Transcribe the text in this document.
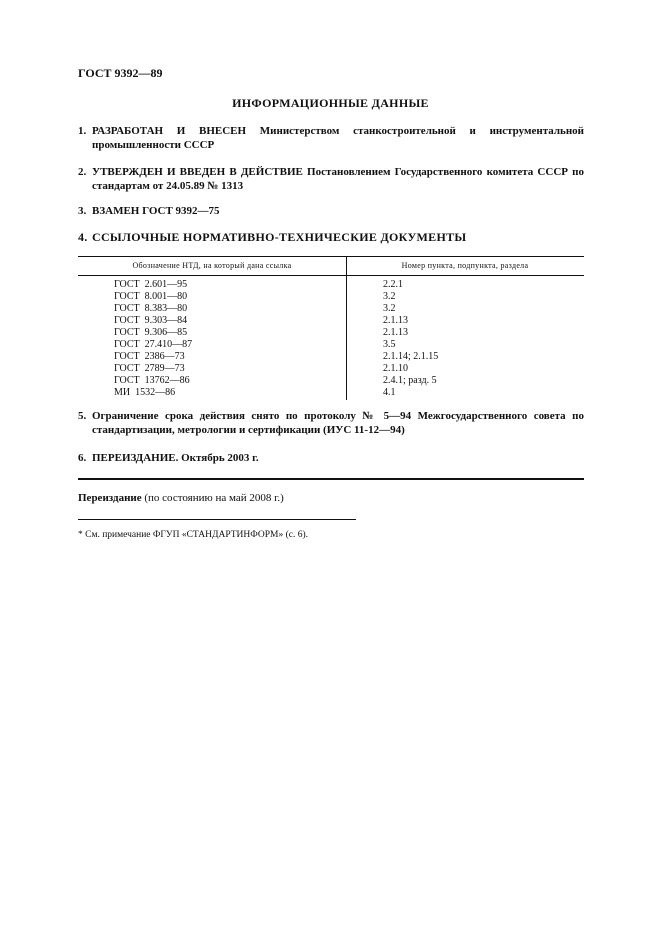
ГОСТ 9392—89
ИНФОРМАЦИОННЫЕ ДАННЫЕ
1. РАЗРАБОТАН И ВНЕСЕН Министерством станкостроительной и инструментальной промышленности СССР
2. УТВЕРЖДЕН И ВВЕДЕН В ДЕЙСТВИЕ Постановлением Государственного комитета СССР по стандартам от 24.05.89 № 1313
3. ВЗАМЕН ГОСТ 9392—75
4. ССЫЛОЧНЫЕ НОРМАТИВНО-ТЕХНИЧЕСКИЕ ДОКУМЕНТЫ
Обозначение НТД, на который дана ссылка	Номер пункта, подпункта, раздела
ГОСТ  2.601—95
ГОСТ  8.001—80
ГОСТ  8.383—80
ГОСТ  9.303—84
ГОСТ  9.306—85
ГОСТ  27.410—87
ГОСТ  2386—73
ГОСТ  2789—73
ГОСТ  13762—86
МИ  1532—86
2.2.1
3.2
3.2
2.1.13
2.1.13
3.5
2.1.14; 2.1.15
2.1.10
2.4.1; разд. 5
4.1
5. Ограничение срока действия снято по протоколу № 5—94 Межгосударственного совета по стандартизации, метрологии и сертификации (ИУС 11-12—94)
6. ПЕРЕИЗДАНИЕ. Октябрь 2003 г.
Переиздание (по состоянию на май 2008 г.)
* См. примечание ФГУП «СТАНДАРТИНФОРМ» (с. 6).
